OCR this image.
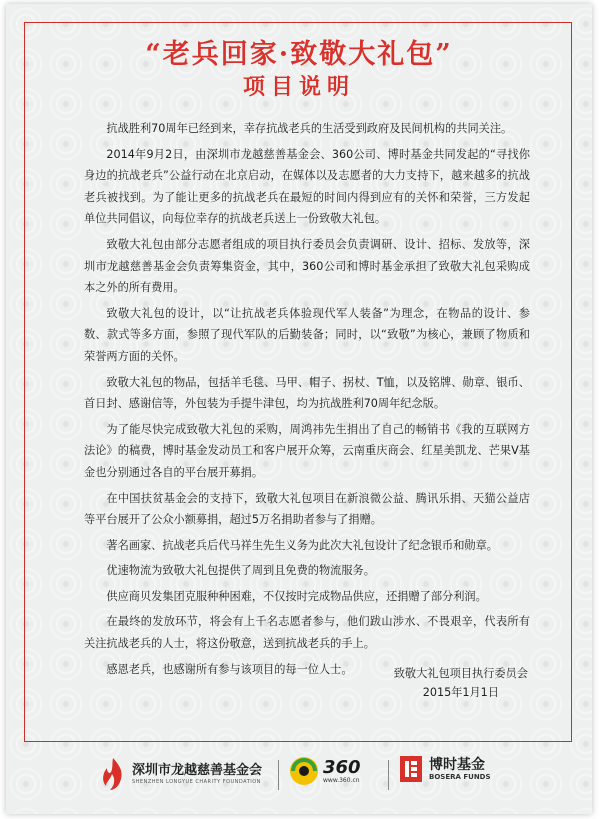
“老兵回家·致敬大礼包”
项目说明

抗战胜利70周年已经到来，幸存抗战老兵的生活受到政府及民间机构的共同关注。

2014年9月2日，由深圳市龙越慈善基金会、360公司、博时基金共同发起的“寻找你身边的抗战老兵”公益行动在北京启动，在媒体以及志愿者的大力支持下，越来越多的抗战老兵被找到。为了能让更多的抗战老兵在最短的时间内得到应有的关怀和荣誉，三方发起单位共同倡议，向每位幸存的抗战老兵送上一份致敬大礼包。

致敬大礼包由部分志愿者组成的项目执行委员会负责调研、设计、招标、发放等，深圳市龙越慈善基金会负责筹集资金，其中，360公司和博时基金承担了致敬大礼包采购成本之外的所有费用。

致敬大礼包的设计，以“让抗战老兵体验现代军人装备”为理念，在物品的设计、参数、款式等多方面，参照了现代军队的后勤装备；同时，以“致敬”为核心，兼顾了物质和荣誉两方面的关怀。

致敬大礼包的物品，包括羊毛毯、马甲、帽子、拐杖、T恤，以及铭牌、勋章、银币、首日封、感谢信等，外包装为手提牛津包，均为抗战胜利70周年纪念版。

为了能尽快完成致敬大礼包的采购，周鸿祎先生捐出了自己的畅销书《我的互联网方法论》的稿费，博时基金发动员工和客户展开众筹，云南重庆商会、红星美凯龙、芒果V基金也分别通过各自的平台展开募捐。

在中国扶贫基金会的支持下，致敬大礼包项目在新浪微公益、腾讯乐捐、天猫公益店等平台展开了公众小额募捐，超过5万名捐助者参与了捐赠。

著名画家、抗战老兵后代马祥生先生义务为此次大礼包设计了纪念银币和勋章。

优速物流为致敬大礼包提供了周到且免费的物流服务。

供应商贝发集团克服种种困难，不仅按时完成物品供应，还捐赠了部分利润。

在最终的发放环节，将会有上千名志愿者参与，他们跋山涉水、不畏艰辛，代表所有关注抗战老兵的人士，将这份敬意，送到抗战老兵的手上。

感恩老兵，也感谢所有参与该项目的每一位人士。	致敬大礼包项目执行委员会
2015年1月1日
深圳市龙越慈善基金会
SHENZHEN LONGYUE CHARITY FOUNDATION
360
www.360.cn
博时基金
BOSERA FUNDS
